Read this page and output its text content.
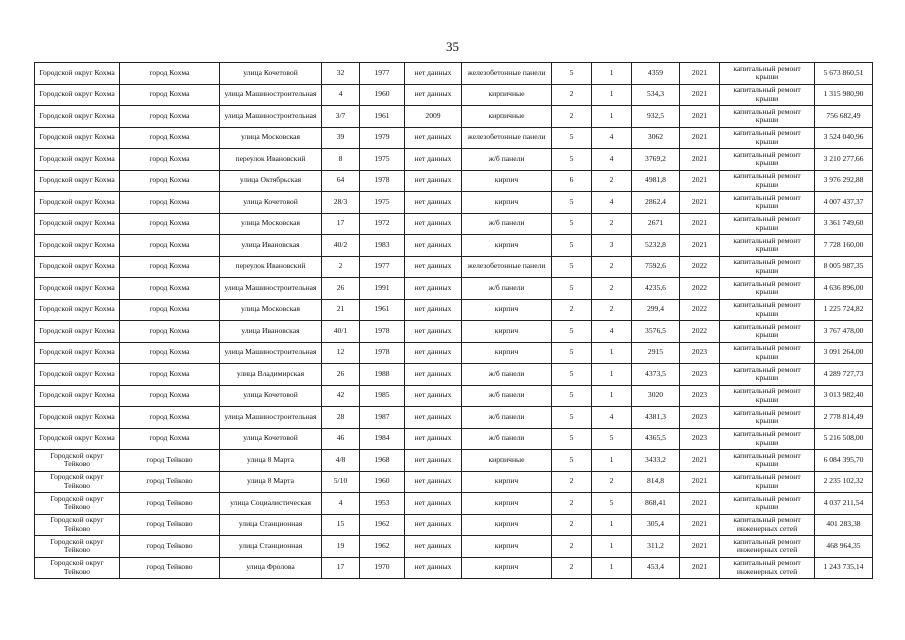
35
Городской округ Кохма	город Кохма	улица Кочетовой	32	1977	нет данных	железобетонные панели	5	1	4359	2021	капитальный ремонт крыши	5 673 860,51
Городской округ Кохма	город Кохма	улица Машиностроительная	4	1960	нет данных	кирпичные	2	1	534,3	2021	капитальный ремонт крыши	1 315 980,90
Городской округ Кохма	город Кохма	улица Машиностроительная	3/7	1961	2009	кирпичные	2	1	932,5	2021	капитальный ремонт крыши	756 682,49
Городской округ Кохма	город Кохма	улица Московская	39	1979	нет данных	железобетонные панели	5	4	3062	2021	капитальный ремонт крыши	3 524 040,96
Городской округ Кохма	город Кохма	переулок Ивановский	8	1975	нет данных	ж/б панели	5	4	3769,2	2021	капитальный ремонт крыши	3 210 277,66
Городской округ Кохма	город Кохма	улица Октябрьская	64	1978	нет данных	кирпич	6	2	4981,8	2021	капитальный ремонт крыши	3 976 292,88
Городской округ Кохма	город Кохма	улица Кочетовой	28/3	1975	нет данных	кирпич	5	4	2862,4	2021	капитальный ремонт крыши	4 007 437,37
Городской округ Кохма	город Кохма	улица Московская	17	1972	нет данных	ж/б панели	5	2	2671	2021	капитальный ремонт крыши	3 361 749,60
Городской округ Кохма	город Кохма	улица Ивановская	40/2	1983	нет данных	кирпич	5	3	5232,8	2021	капитальный ремонт крыши	7 728 160,00
Городской округ Кохма	город Кохма	переулок Ивановский	2	1977	нет данных	железобетонные панели	5	2	7592,6	2022	капитальный ремонт крыши	8 005 987,35
Городской округ Кохма	город Кохма	улица Машиностроительная	26	1991	нет данных	ж/б панели	5	2	4235,6	2022	капитальный ремонт крыши	4 636 896,00
Городской округ Кохма	город Кохма	улица Московская	21	1961	нет данных	кирпич	2	2	299,4	2022	капитальный ремонт крыши	1 225 724,82
Городской округ Кохма	город Кохма	улица Ивановская	40/1	1978	нет данных	кирпич	5	4	3576,5	2022	капитальный ремонт крыши	3 767 478,00
Городской округ Кохма	город Кохма	улица Машиностроительная	12	1978	нет данных	кирпич	5	1	2915	2023	капитальный ремонт крыши	3 091 264,00
Городской округ Кохма	город Кохма	улица Владимирская	26	1988	нет данных	ж/б панели	5	1	4373,5	2023	капитальный ремонт крыши	4 289 727,73
Городской округ Кохма	город Кохма	улица Кочетовой	42	1985	нет данных	ж/б панели	5	1	3020	2023	капитальный ремонт крыши	3 013 982,40
Городской округ Кохма	город Кохма	улица Машиностроительная	28	1987	нет данных	ж/б панели	5	4	4381,3	2023	капитальный ремонт крыши	2 778 814,49
Городской округ Кохма	город Кохма	улица Кочетовой	46	1984	нет данных	ж/б панели	5	5	4365,5	2023	капитальный ремонт крыши	5 216 508,00
Городской округ Тейково	город Тейково	улица 8 Марта	4/8	1968	нет данных	кирпичные	5	1	3433,2	2021	капитальный ремонт крыши	6 084 395,70
Городской округ Тейково	город Тейково	улица 8 Марта	5/10	1960	нет данных	кирпич	2	2	814,8	2021	капитальный ремонт крыши	2 235 102,32
Городской округ Тейково	город Тейково	улица Социалистическая	4	1953	нет данных	кирпич	2	5	868,41	2021	капитальный ремонт крыши	4 037 211,54
Городской округ Тейково	город Тейково	улица Станционная	15	1962	нет данных	кирпич	2	1	305,4	2021	капитальный ремонт инженерных сетей	401 283,38
Городской округ Тейково	город Тейково	улица Станционная	19	1962	нет данных	кирпич	2	1	311,2	2021	капитальный ремонт инженерных сетей	468 964,35
Городской округ Тейково	город Тейково	улица Фролова	17	1970	нет данных	кирпич	2	1	453,4	2021	капитальный ремонт инженерных сетей	1 243 735,14
